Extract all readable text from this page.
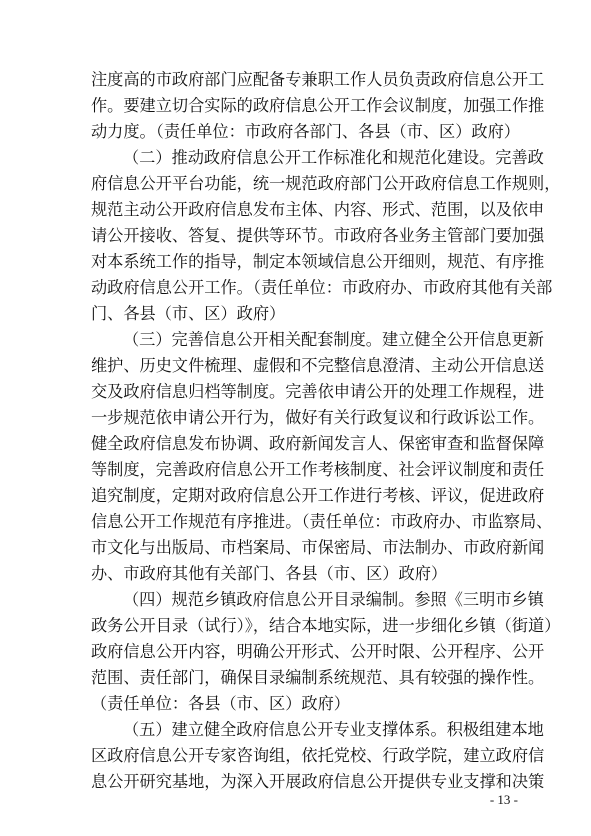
注度高的市政府部门应配备专兼职工作人员负责政府信息公开工
作。要建立切合实际的政府信息公开工作会议制度，加强工作推
动力度。（责任单位：市政府各部门、各县（市、区）政府）
（二）推动政府信息公开工作标准化和规范化建设。完善政
府信息公开平台功能，统一规范政府部门公开政府信息工作规则，
规范主动公开政府信息发布主体、内容、形式、范围，以及依申
请公开接收、答复、提供等环节。市政府各业务主管部门要加强
对本系统工作的指导，制定本领域信息公开细则，规范、有序推
动政府信息公开工作。（责任单位：市政府办、市政府其他有关部
门、各县（市、区）政府）
（三）完善信息公开相关配套制度。建立健全公开信息更新
维护、历史文件梳理、虚假和不完整信息澄清、主动公开信息送
交及政府信息归档等制度。完善依申请公开的处理工作规程，进
一步规范依申请公开行为，做好有关行政复议和行政诉讼工作。
健全政府信息发布协调、政府新闻发言人、保密审查和监督保障
等制度，完善政府信息公开工作考核制度、社会评议制度和责任
追究制度，定期对政府信息公开工作进行考核、评议，促进政府
信息公开工作规范有序推进。（责任单位：市政府办、市监察局、
市文化与出版局、市档案局、市保密局、市法制办、市政府新闻
办、市政府其他有关部门、各县（市、区）政府）
（四）规范乡镇政府信息公开目录编制。参照《三明市乡镇
政务公开目录（试行）》，结合本地实际，进一步细化乡镇（街道）
政府信息公开内容，明确公开形式、公开时限、公开程序、公开
范围、责任部门，确保目录编制系统规范、具有较强的操作性。
（责任单位：各县（市、区）政府）
（五）建立健全政府信息公开专业支撑体系。积极组建本地
区政府信息公开专家咨询组，依托党校、行政学院，建立政府信
息公开研究基地，为深入开展政府信息公开提供专业支撑和决策
- 13 -
